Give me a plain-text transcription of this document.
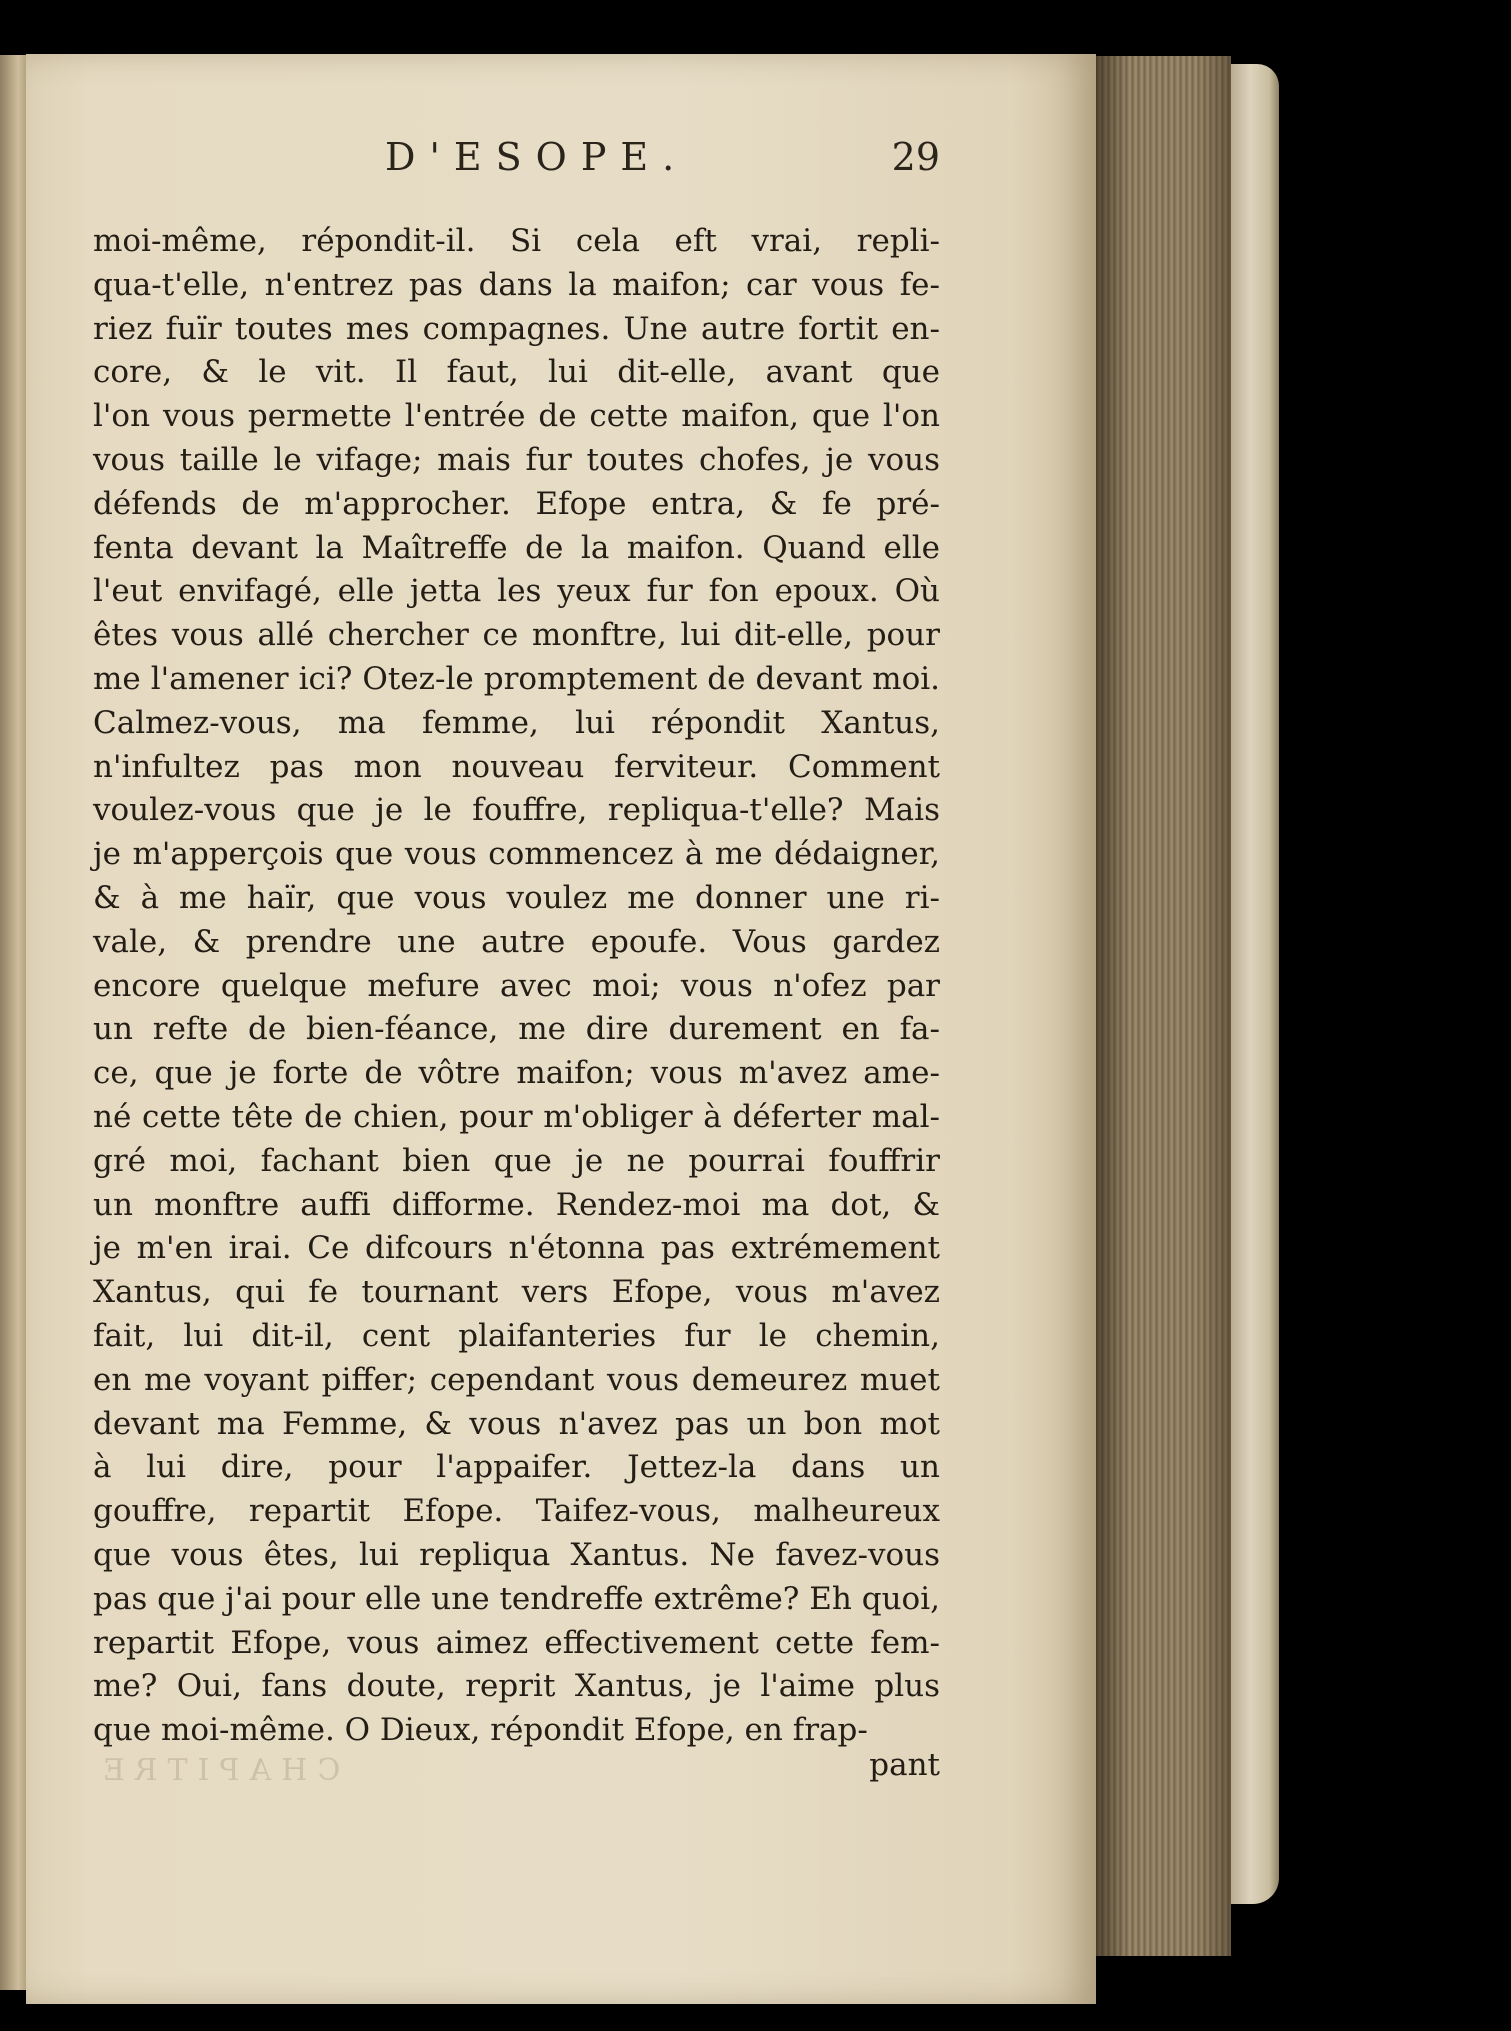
D'ESOPE.	29
moi-même, répondit-il. Si cela eft vrai, repli-
qua-t'elle, n'entrez pas dans la maifon; car vous fe-
riez fuïr toutes mes compagnes. Une autre fortit en-
core, & le vit. Il faut, lui dit-elle, avant que
l'on vous permette l'entrée de cette maifon, que l'on
vous taille le vifage; mais fur toutes chofes, je vous
défends de m'approcher. Efope entra, & fe pré-
fenta devant la Maîtreffe de la maifon. Quand elle
l'eut envifagé, elle jetta les yeux fur fon epoux. Où
êtes vous allé chercher ce monftre, lui dit-elle, pour
me l'amener ici? Otez-le promptement de devant moi.
Calmez-vous, ma femme, lui répondit Xantus,
n'infultez pas mon nouveau ferviteur. Comment
voulez-vous que je le fouffre, repliqua-t'elle? Mais
je m'apperçois que vous commencez à me dédaigner,
& à me haïr, que vous voulez me donner une ri-
vale, & prendre une autre epoufe. Vous gardez
encore quelque mefure avec moi; vous n'ofez par
un refte de bien-féance, me dire durement en fa-
ce, que je forte de vôtre maifon; vous m'avez ame-
né cette tête de chien, pour m'obliger à déferter mal-
gré moi, fachant bien que je ne pourrai fouffrir
un monftre auffi difforme. Rendez-moi ma dot, &
je m'en irai. Ce difcours n'étonna pas extrémement
Xantus, qui fe tournant vers Efope, vous m'avez
fait, lui dit-il, cent plaifanteries fur le chemin,
en me voyant piffer; cependant vous demeurez muet
devant ma Femme, & vous n'avez pas un bon mot
à lui dire, pour l'appaifer. Jettez-la dans un
gouffre, repartit Efope. Taifez-vous, malheureux
que vous êtes, lui repliqua Xantus. Ne favez-vous
pas que j'ai pour elle une tendreffe extrême? Eh quoi,
repartit Efope, vous aimez effectivement cette fem-
me? Oui, fans doute, reprit Xantus, je l'aime plus
que moi-même. O Dieux, répondit Efope, en frap-
CHAPITRE	pant
